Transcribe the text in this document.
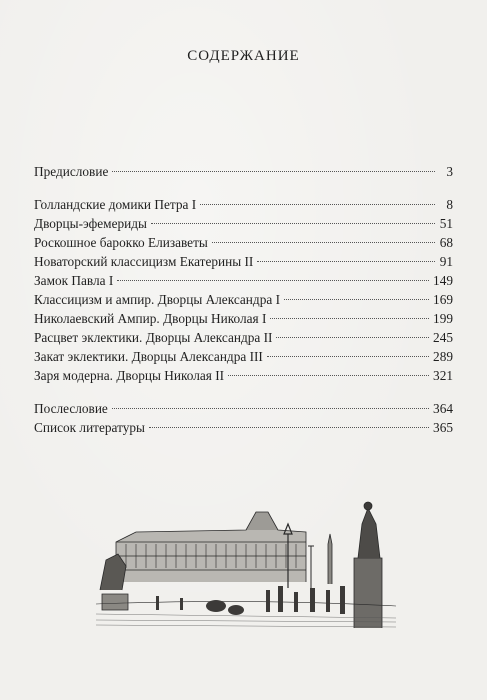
СОДЕРЖАНИЕ
Предисловие	3
Голландские домики Петра I	8
Дворцы-эфемериды	51
Роскошное барокко Елизаветы	68
Новаторский классицизм Екатерины II	91
Замок Павла I	149
Классицизм и ампир. Дворцы Александра I	169
Николаевский Ампир. Дворцы Николая I	199
Расцвет эклектики. Дворцы Александра II	245
Закат эклектики. Дворцы Александра III	289
Заря модерна. Дворцы Николая II	321
Послесловие	364
Список литературы	365
